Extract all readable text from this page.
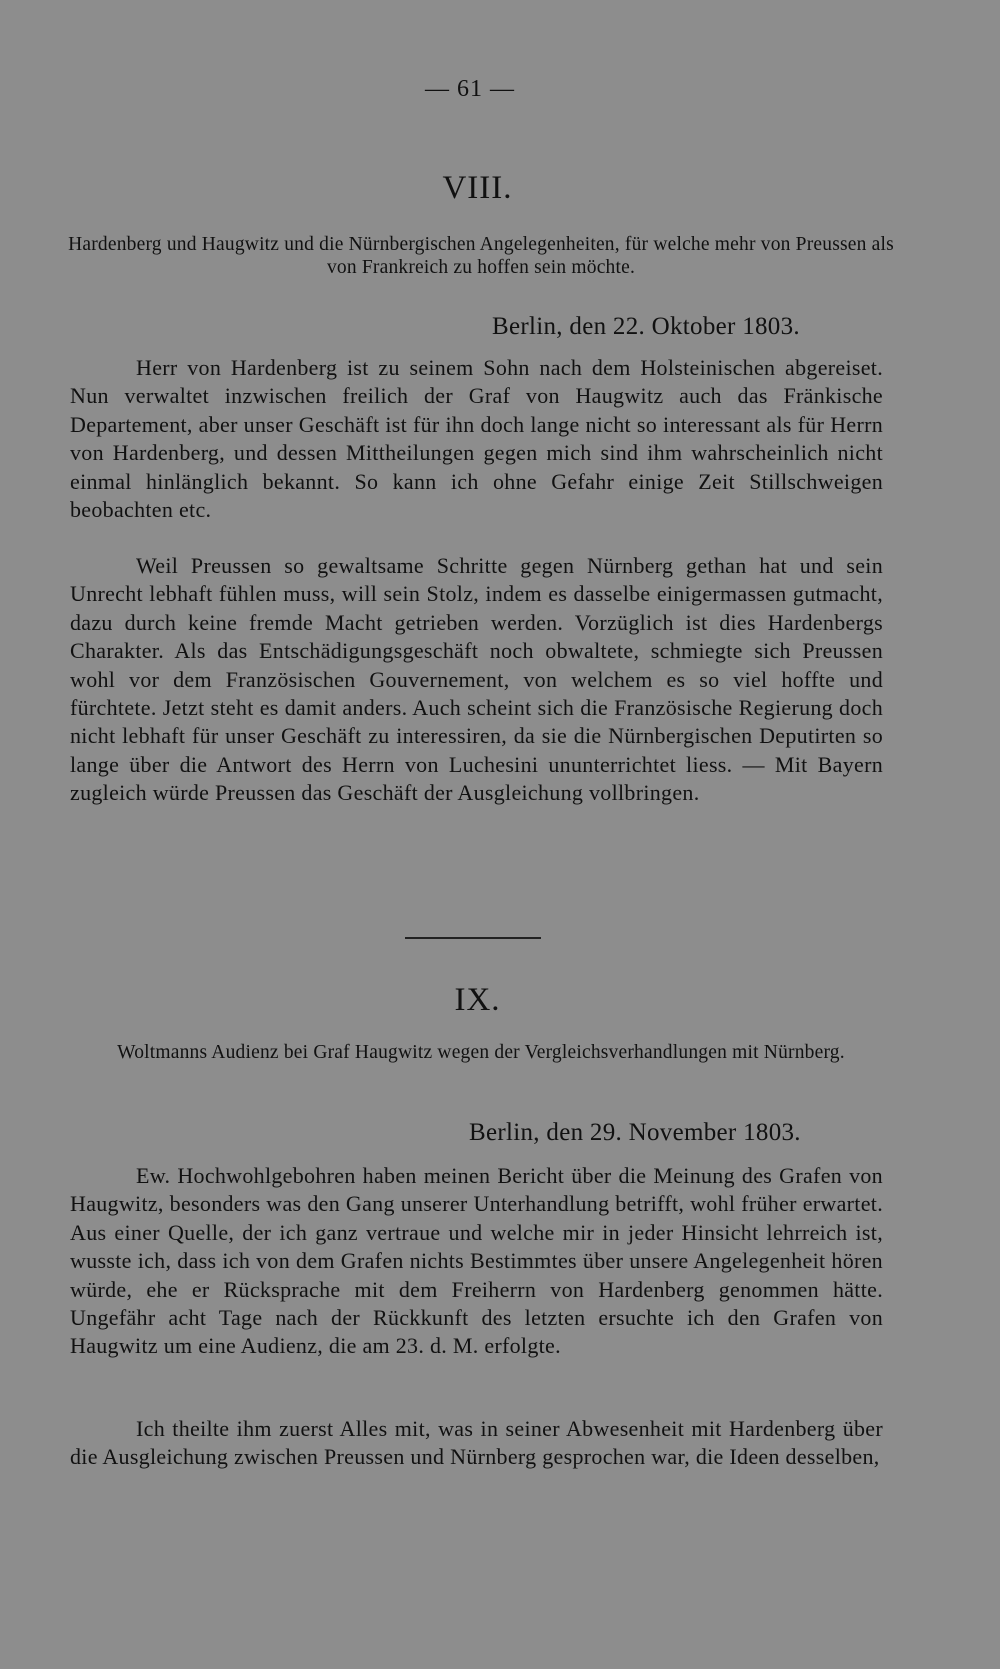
— 61 —
VIII.
Hardenberg und Haugwitz und die Nürnbergischen Angelegenheiten, für welche mehr von Preussen als von Frankreich zu hoffen sein möchte.
Berlin, den 22. Oktober 1803.

Herr von Hardenberg ist zu seinem Sohn nach dem Holsteinischen abgereiset. Nun verwaltet inzwischen freilich der Graf von Haugwitz auch das Fränkische Departement, aber unser Geschäft ist für ihn doch lange nicht so interessant als für Herrn von Hardenberg, und dessen Mittheilungen gegen mich sind ihm wahrscheinlich nicht einmal hinlänglich bekannt. So kann ich ohne Gefahr einige Zeit Stillschweigen beobachten etc.

Weil Preussen so gewaltsame Schritte gegen Nürnberg gethan hat und sein Unrecht lebhaft fühlen muss, will sein Stolz, indem es dasselbe einigermassen gutmacht, dazu durch keine fremde Macht getrieben werden. Vorzüglich ist dies Hardenbergs Charakter. Als das Entschädigungsgeschäft noch obwaltete, schmiegte sich Preussen wohl vor dem Französischen Gouvernement, von welchem es so viel hoffte und fürchtete. Jetzt steht es damit anders. Auch scheint sich die Französische Regierung doch nicht lebhaft für unser Geschäft zu interessiren, da sie die Nürnbergischen Deputirten so lange über die Antwort des Herrn von Luchesini ununterrichtet liess. — Mit Bayern zugleich würde Preussen das Geschäft der Ausgleichung vollbringen.

IX.
Woltmanns Audienz bei Graf Haugwitz wegen der Vergleichsverhandlungen mit Nürnberg.
Berlin, den 29. November 1803.

Ew. Hochwohlgebohren haben meinen Bericht über die Meinung des Grafen von Haugwitz, besonders was den Gang unserer Unterhandlung betrifft, wohl früher erwartet. Aus einer Quelle, der ich ganz vertraue und welche mir in jeder Hinsicht lehrreich ist, wusste ich, dass ich von dem Grafen nichts Bestimmtes über unsere Angelegenheit hören würde, ehe er Rücksprache mit dem Freiherrn von Hardenberg genommen hätte. Ungefähr acht Tage nach der Rückkunft des letzten ersuchte ich den Grafen von Haugwitz um eine Audienz, die am 23. d. M. erfolgte.

Ich theilte ihm zuerst Alles mit, was in seiner Abwesenheit mit Hardenberg über die Ausgleichung zwischen Preussen und Nürnberg gesprochen war, die Ideen desselben,
